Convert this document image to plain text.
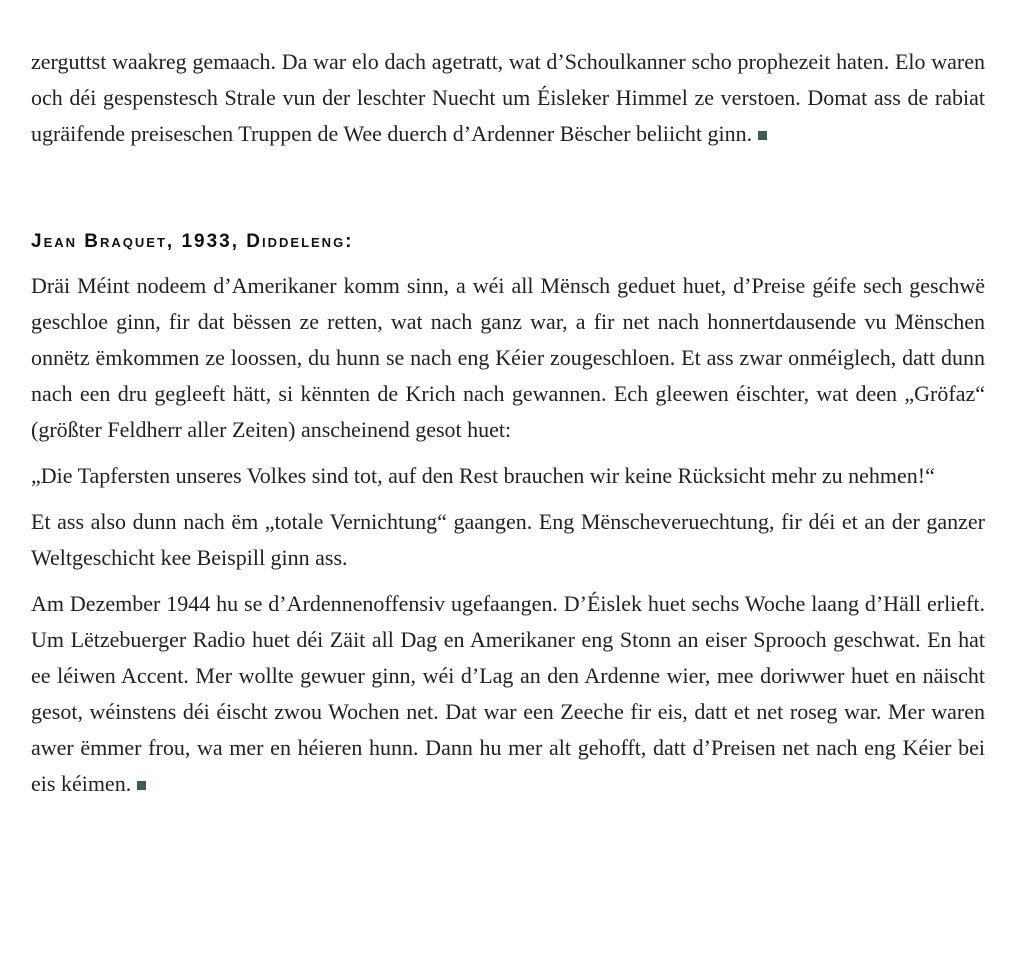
zerguttst waakreg gemaach. Da war elo dach agetratt, wat d’Schoulkanner scho prophezeit haten. Elo waren och déi gespenstesch Strale vun der leschter Nuecht um Éisleker Himmel ze verstoen. Domat ass de rabiat ugräifende preiseschen Truppen de Wee duerch d’Ardenner Bëscher beliicht ginn.

Jean Braquet, 1933, Diddeleng:

Dräi Méint nodeem d’Amerikaner komm sinn, a wéi all Mënsch geduet huet, d’Preise géife sech geschwë geschloe ginn, fir dat bëssen ze retten, wat nach ganz war, a fir net nach honnertdausende vu Mënschen onnëtz ëmkommen ze loossen, du hunn se nach eng Kéier zougeschloen. Et ass zwar onméiglech, datt dunn nach een dru gegleeft hätt, si kënnten de Krich nach gewannen. Ech gleewen éischter, wat deen „Gröfaz“ (größter Feldherr aller Zeiten) anscheinend gesot huet:

„Die Tapfersten unseres Volkes sind tot, auf den Rest brauchen wir keine Rücksicht mehr zu nehmen!“

Et ass also dunn nach ëm „totale Vernichtung“ gaangen. Eng Mënscheveruechtung, fir déi et an der ganzer Weltgeschicht kee Beispill ginn ass.

Am Dezember 1944 hu se d’Ardennenoffensiv ugefaangen. D’Éislek huet sechs Woche laang d’Häll erlieft. Um Lëtzebuerger Radio huet déi Zäit all Dag en Amerikaner eng Stonn an eiser Sprooch geschwat. En hat ee léiwen Accent. Mer wollte gewuer ginn, wéi d’Lag an den Ardenne wier, mee doriwwer huet en näischt gesot, wéinstens déi éischt zwou Wochen net. Dat war een Zeeche fir eis, datt et net roseg war. Mer waren awer ëmmer frou, wa mer en héieren hunn. Dann hu mer alt gehofft, datt d’Preisen net nach eng Kéier bei eis kéimen.
